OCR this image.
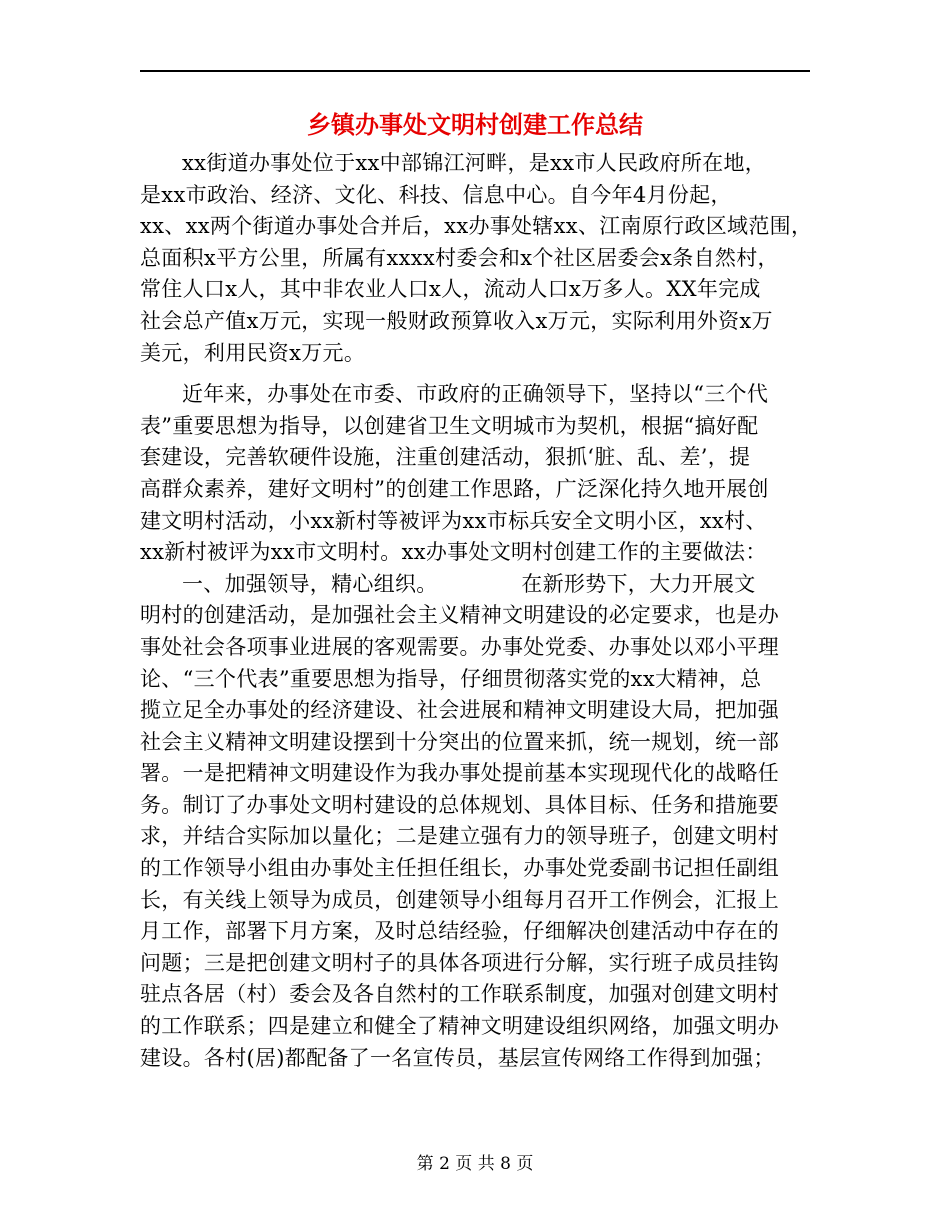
乡镇办事处文明村创建工作总结
xx街道办事处位于xx中部锦江河畔，是xx市人民政府所在地，
是xx市政治、经济、文化、科技、信息中心。自今年4月份起，
xx、xx两个街道办事处合并后，xx办事处辖xx、江南原行政区域范围，
总面积x平方公里，所属有xxxx村委会和x个社区居委会x条自然村，
常住人口x人，其中非农业人口x人，流动人口x万多人。XX年完成
社会总产值x万元，实现一般财政预算收入x万元，实际利用外资x万
美元，利用民资x万元。
近年来，办事处在市委、市政府的正确领导下，坚持以“三个代
表”重要思想为指导，以创建省卫生文明城市为契机，根据“搞好配
套建设，完善软硬件设施，注重创建活动，狠抓‘脏、乱、差’，提
高群众素养，建好文明村”的创建工作思路，广泛深化持久地开展创
建文明村活动，小xx新村等被评为xx市标兵安全文明小区，xx村、
xx新村被评为xx市文明村。xx办事处文明村创建工作的主要做法：
一、加强领导，精心组织。            在新形势下，大力开展文
明村的创建活动，是加强社会主义精神文明建设的必定要求，也是办
事处社会各项事业进展的客观需要。办事处党委、办事处以邓小平理
论、“三个代表”重要思想为指导，仔细贯彻落实党的xx大精神，总
揽立足全办事处的经济建设、社会进展和精神文明建设大局，把加强
社会主义精神文明建设摆到十分突出的位置来抓，统一规划，统一部
署。一是把精神文明建设作为我办事处提前基本实现现代化的战略任
务。制订了办事处文明村建设的总体规划、具体目标、任务和措施要
求，并结合实际加以量化；二是建立强有力的领导班子，创建文明村
的工作领导小组由办事处主任担任组长，办事处党委副书记担任副组
长，有关线上领导为成员，创建领导小组每月召开工作例会，汇报上
月工作，部署下月方案，及时总结经验，仔细解决创建活动中存在的
问题；三是把创建文明村子的具体各项进行分解，实行班子成员挂钩
驻点各居（村）委会及各自然村的工作联系制度，加强对创建文明村
的工作联系；四是建立和健全了精神文明建设组织网络，加强文明办
建设。各村(居)都配备了一名宣传员，基层宣传网络工作得到加强；
第 2 页 共 8 页
